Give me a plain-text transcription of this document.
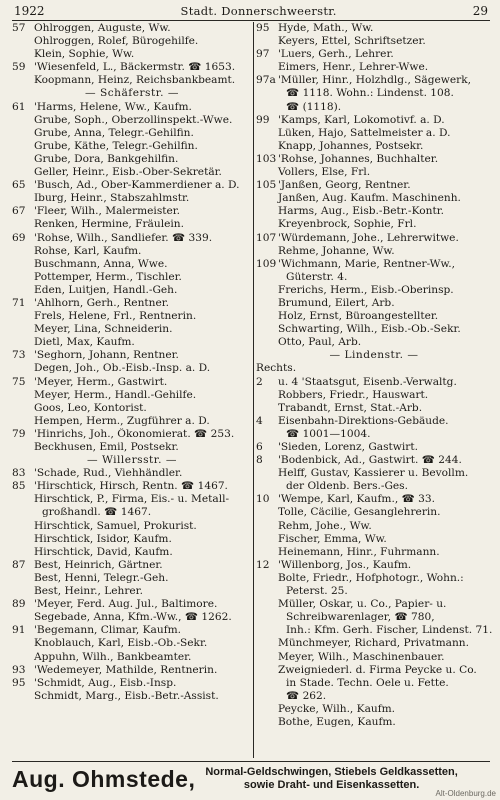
1922	Stadt. Donnerschweerstr.	29
57 Ohlroggen, Auguste, Ww.
Ohlroggen, Rolef, Bürogehilfe.
Klein, Sophie, Ww.
59 'Wiesenfeld, L., Bäckermstr. ☎ 1653.
Koopmann, Heinz, Reichsbankbeamt.
— Schäferstr. —
61 'Harms, Helene, Ww., Kaufm.
Grube, Soph., Oberzollinspekt.-Wwe.
Grube, Anna, Telegr.-Gehilfin.
Grube, Käthe, Telegr.-Gehilfin.
Grube, Dora, Bankgehilfin.
Geller, Heinr., Eisb.-Ober-Sekretär.
65 'Busch, Ad., Ober-Kammerdiener a. D.
Iburg, Heinr., Stabszahlmstr.
67 'Fleer, Wilh., Malermeister.
Renken, Hermine, Fräulein.
69 'Rohse, Wilh., Sandliefer. ☎ 339.
Rohse, Karl, Kaufm.
Buschmann, Anna, Wwe.
Pottemper, Herm., Tischler.
Eden, Luitjen, Handl.-Geh.
71 'Ahlhorn, Gerh., Rentner.
Frels, Helene, Frl., Rentnerin.
Meyer, Lina, Schneiderin.
Dietl, Max, Kaufm.
73 'Seghorn, Johann, Rentner.
Degen, Joh., Ob.-Eisb.-Insp. a. D.
75 'Meyer, Herm., Gastwirt.
Meyer, Herm., Handl.-Gehilfe.
Goos, Leo, Kontorist.
Hempen, Herm., Zugführer a. D.
79 'Hinrichs, Joh., Ökonomierat. ☎ 253.
Beckhusen, Emil, Postsekr.
— Willersstr. —
83 'Schade, Rud., Viehhändler.
85 'Hirschtick, Hirsch, Rentn. ☎ 1467.
Hirschtick, P., Firma, Eis.- u. Metall-
großhandl. ☎ 1467.
Hirschtick, Samuel, Prokurist.
Hirschtick, Isidor, Kaufm.
Hirschtick, David, Kaufm.
87 Best, Heinrich, Gärtner.
Best, Henni, Telegr.-Geh.
Best, Heinr., Lehrer.
89 'Meyer, Ferd. Aug. Jul., Baltimore.
Segebade, Anna, Kfm.-Ww., ☎ 1262.
91 'Begemann, Climar, Kaufm.
Knoblauch, Karl, Eisb.-Ob.-Sekr.
Appuhn, Wilh., Bankbeamter.
93 'Wedemeyer, Mathilde, Rentnerin.
95 'Schmidt, Aug., Eisb.-Insp.
Schmidt, Marg., Eisb.-Betr.-Assist.
95 Hyde, Math., Ww.
Keyers, Ettel, Schriftsetzer.
97 'Luers, Gerh., Lehrer.
Eimers, Henr., Lehrer-Wwe.
97a 'Müller, Hinr., Holzhdlg., Sägewerk,
☎ 1118. Wohn.: Lindenst. 108.
☎ (1118).
99 'Kamps, Karl, Lokomotivf. a. D.
Lüken, Hajo, Sattelmeister a. D.
Knapp, Johannes, Postsekr.
103 'Rohse, Johannes, Buchhalter.
Vollers, Else, Frl.
105 'Janßen, Georg, Rentner.
Janßen, Aug. Kaufm. Maschinenh.
Harms, Aug., Eisb.-Betr.-Kontr.
Kreyenbrock, Sophie, Frl.
107 'Würdemann, Johe., Lehrerwitwe.
Rehme, Johanne, Ww.
109 'Wichmann, Marie, Rentner-Ww.,
Güterstr. 4.
Frerichs, Herm., Eisb.-Oberinsp.
Brumund, Eilert, Arb.
Holz, Ernst, Büroangestellter.
Schwarting, Wilh., Eisb.-Ob.-Sekr.
Otto, Paul, Arb.
— Lindenstr. —
Rechts.
2 u. 4 'Staatsgut, Eisenb.-Verwaltg.
Robbers, Friedr., Hauswart.
Trabandt, Ernst, Stat.-Arb.
4 Eisenbahn-Direktions-Gebäude.
☎ 1001—1004.
6 'Sieden, Lorenz, Gastwirt.
8 'Bodenbick, Ad., Gastwirt. ☎ 244.
Helff, Gustav, Kassierer u. Bevollm.
der Oldenb. Bers.-Ges.
10 'Wempe, Karl, Kaufm., ☎ 33.
Tolle, Cäcilie, Gesanglehrerin.
Rehm, Johe., Ww.
Fischer, Emma, Ww.
Heinemann, Hinr., Fuhrmann.
12 'Willenborg, Jos., Kaufm.
Bolte, Friedr., Hofphotogr., Wohn.:
Peterst. 25.
Müller, Oskar, u. Co., Papier- u.
Schreibwarenlager, ☎ 780,
Inh.: Kfm. Gerh. Fischer, Lindenst. 71.
Münchmeyer, Richard, Privatmann.
Meyer, Wilh., Maschinenbauer.
Zweigniederl. d. Firma Peycke u. Co.
in Stade. Techn. Oele u. Fette.
☎ 262.
Peycke, Wilh., Kaufm.
Bothe, Eugen, Kaufm.
Aug. Ohmstede, Normal-Geldschwingen, Stiebels Geldkassetten,
sowie Draht- und Eisenkassetten.
Alt-Oldenburg.de
